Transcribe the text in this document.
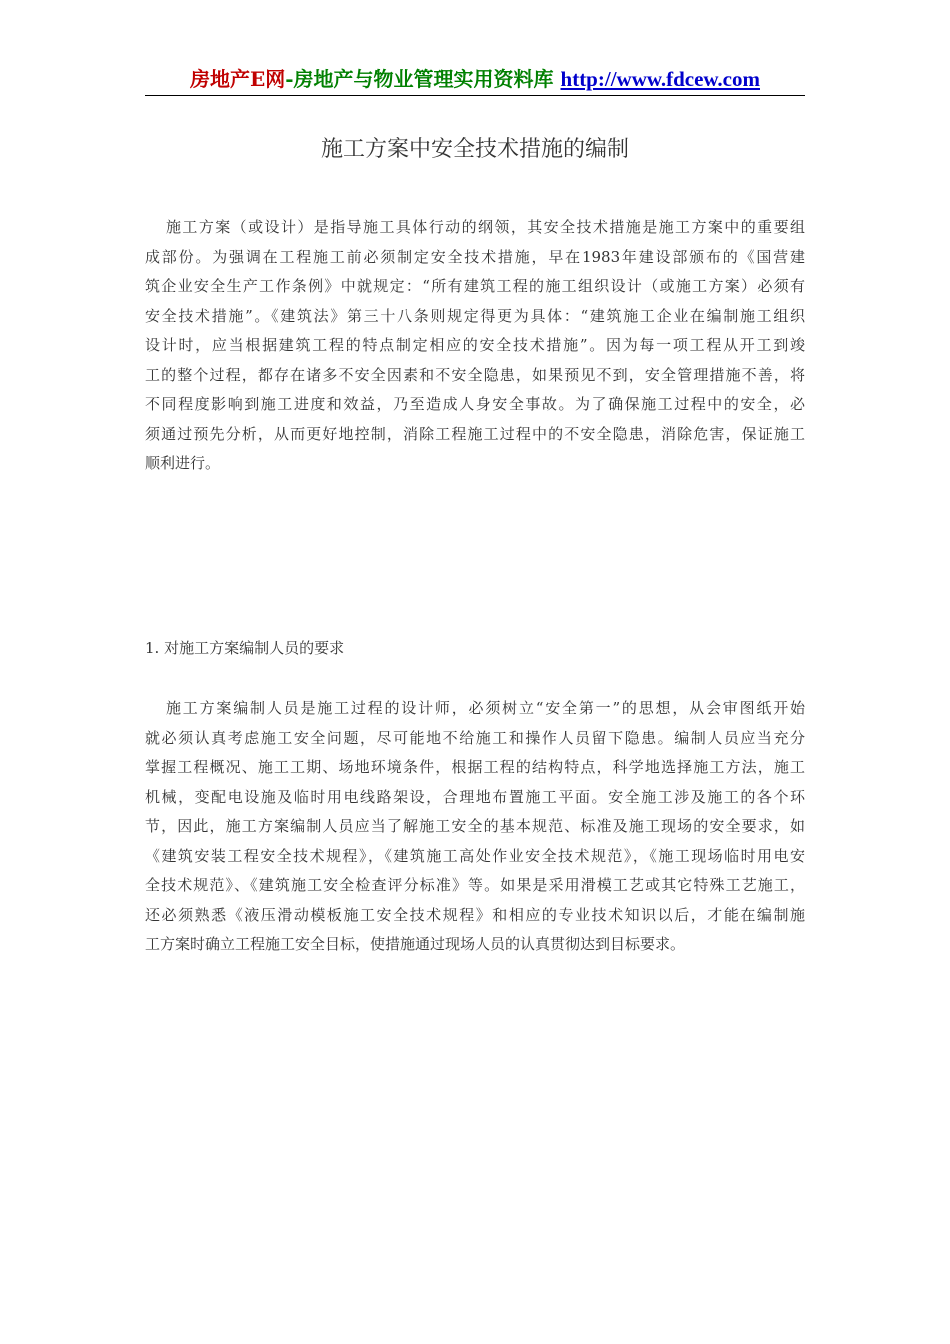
房地产E网-房地产与物业管理实用资料库 http://www.fdcew.com
施工方案中安全技术措施的编制
施工方案（或设计）是指导施工具体行动的纲领，其安全技术措施是施工方案中的重要组
成部份。为强调在工程施工前必须制定安全技术措施，早在1983年建设部颁布的《国营建
筑企业安全生产工作条例》中就规定：“所有建筑工程的施工组织设计（或施工方案）必须有
安全技术措施”。《建筑法》第三十八条则规定得更为具体：“建筑施工企业在编制施工组织
设计时，应当根据建筑工程的特点制定相应的安全技术措施”。因为每一项工程从开工到竣
工的整个过程，都存在诸多不安全因素和不安全隐患，如果预见不到，安全管理措施不善，将
不同程度影响到施工进度和效益，乃至造成人身安全事故。为了确保施工过程中的安全，必
须通过预先分析，从而更好地控制，消除工程施工过程中的不安全隐患，消除危害，保证施工
顺利进行。
1. 对施工方案编制人员的要求
施工方案编制人员是施工过程的设计师，必须树立“安全第一”的思想，从会审图纸开始
就必须认真考虑施工安全问题，尽可能地不给施工和操作人员留下隐患。编制人员应当充分
掌握工程概况、施工工期、场地环境条件，根据工程的结构特点，科学地选择施工方法，施工
机械，变配电设施及临时用电线路架设，合理地布置施工平面。安全施工涉及施工的各个环
节，因此，施工方案编制人员应当了解施工安全的基本规范、标准及施工现场的安全要求，如
《建筑安装工程安全技术规程》，《建筑施工高处作业安全技术规范》，《施工现场临时用电安
全技术规范》、《建筑施工安全检查评分标准》等。如果是采用滑模工艺或其它特殊工艺施工，
还必须熟悉《液压滑动模板施工安全技术规程》和相应的专业技术知识以后，才能在编制施
工方案时确立工程施工安全目标，使措施通过现场人员的认真贯彻达到目标要求。
